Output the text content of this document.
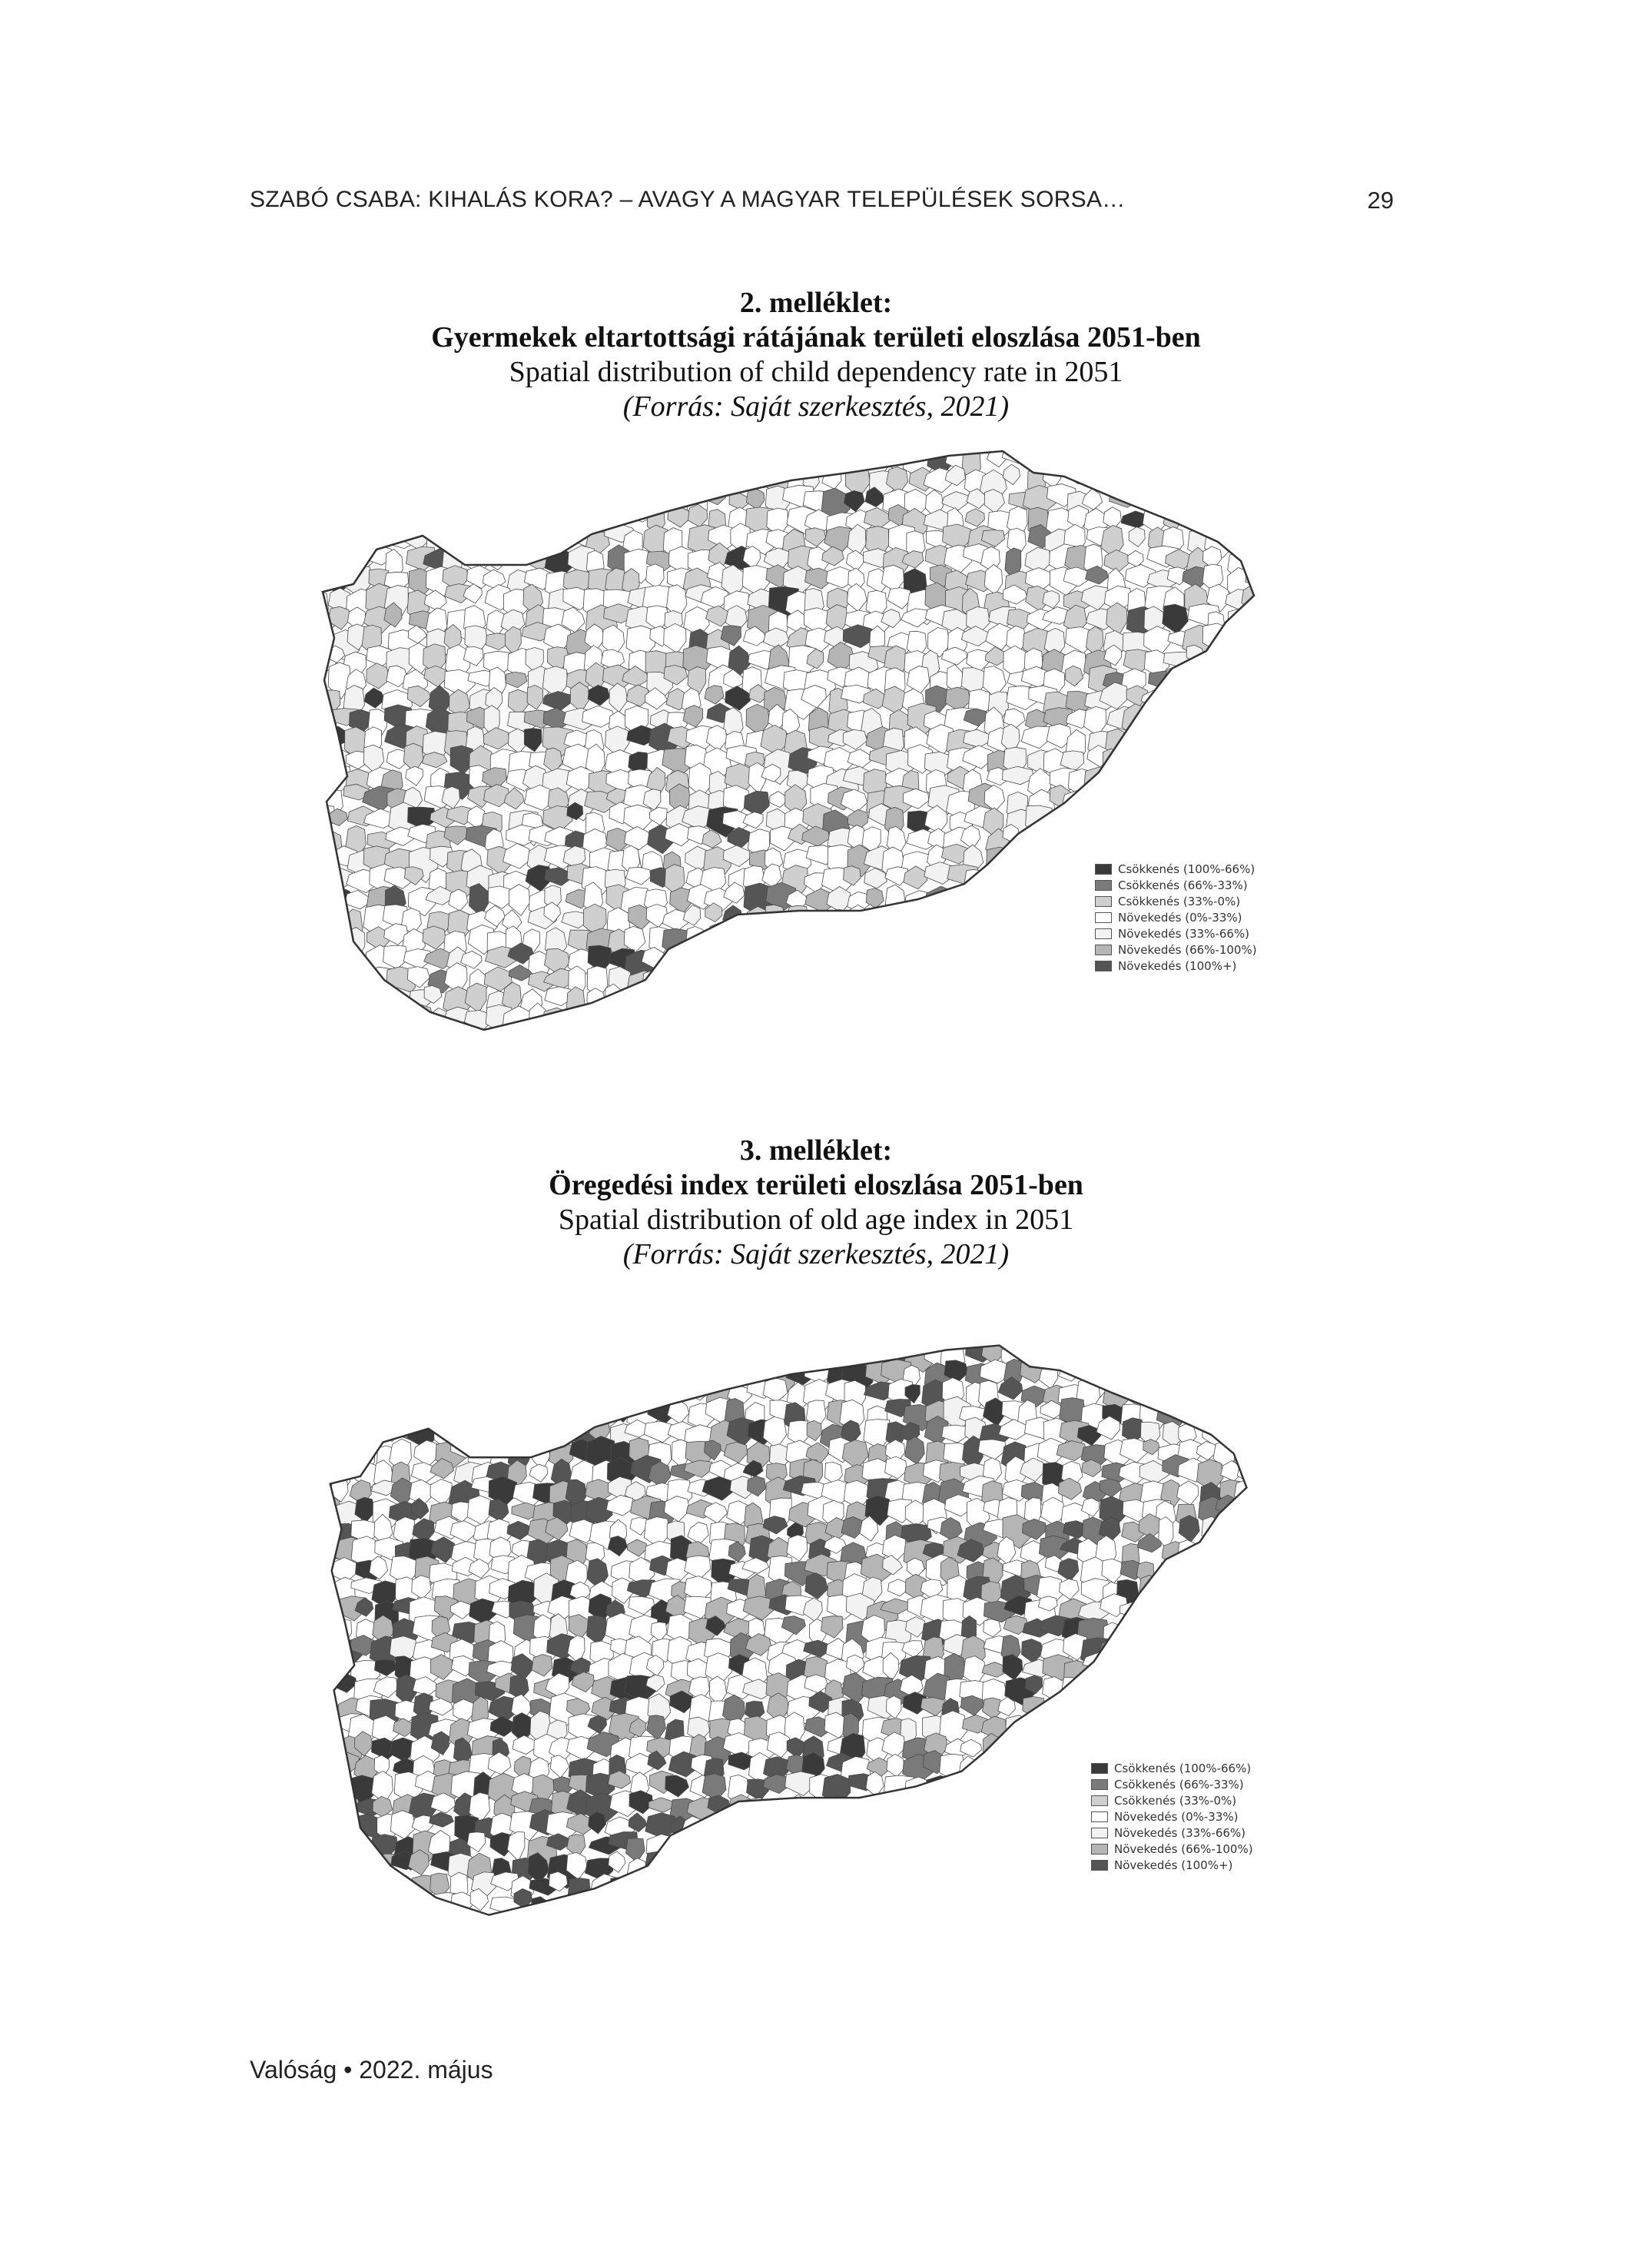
SZABÓ CSABA: KIHALÁS KORA? – AVAGY A MAGYAR TELEPÜLÉSEK SORSA…	29
2. melléklet:
Gyermekek eltartottsági rátájának területi eloszlása 2051-ben
Spatial distribution of child dependency rate in 2051
(Forrás: Saját szerkesztés, 2021)
Csökkenés (100%-66%)
Csökkenés (66%-33%)
Csökkenés (33%-0%)
Növekedés (0%-33%)
Növekedés (33%-66%)
Növekedés (66%-100%)
Növekedés (100%+)
3. melléklet:
Öregedési index területi eloszlása 2051-ben
Spatial distribution of old age index in 2051
(Forrás: Saját szerkesztés, 2021)
Csökkenés (100%-66%)
Csökkenés (66%-33%)
Csökkenés (33%-0%)
Növekedés (0%-33%)
Növekedés (33%-66%)
Növekedés (66%-100%)
Növekedés (100%+)
Valóság • 2022. május
